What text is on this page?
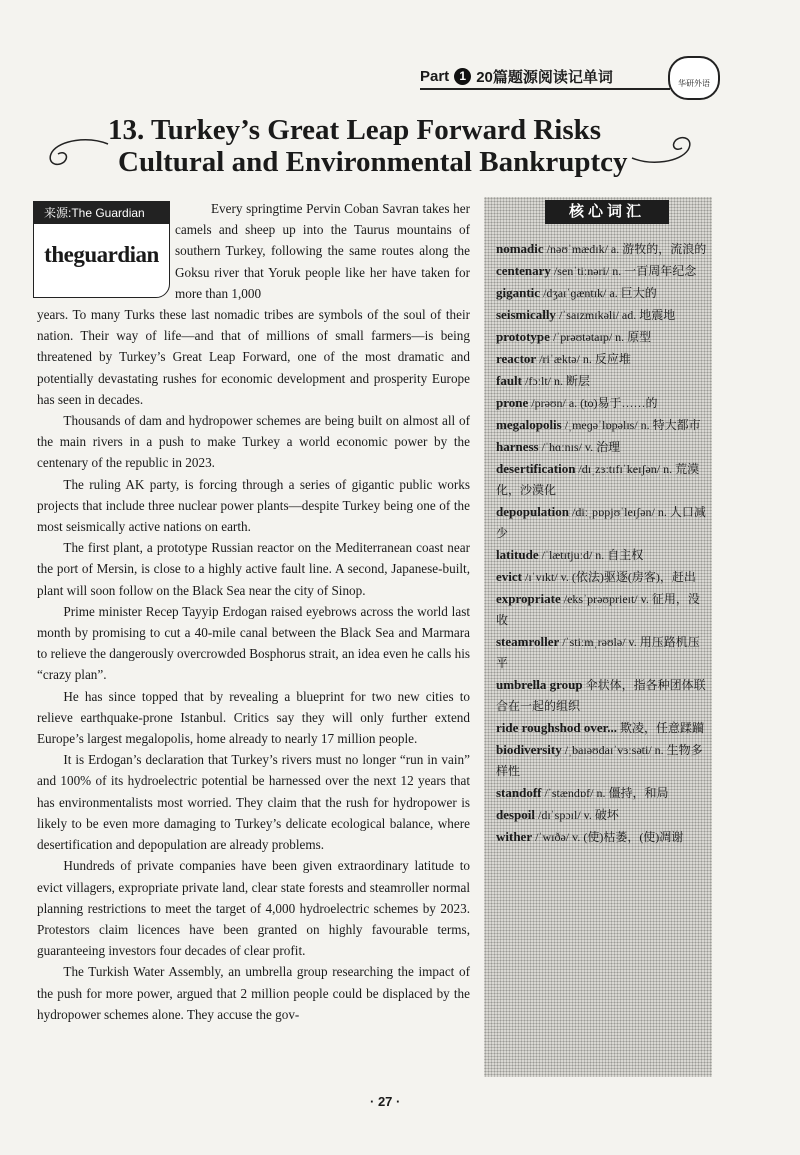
Part 1 20篇题源阅读记单词	华研外语
13. Turkey’s Great Leap Forward Risks
Cultural and Environmental Bankruptcy
来源:The Guardian
theguardian

Every springtime Pervin Coban Savran takes her camels and sheep up into the Taurus mountains of southern Turkey, following the same routes along the Goksu river that Yoruk people like her have taken for more than 1,000

years. To many Turks these last nomadic tribes are symbols of the soul of their nation. Their way of life—and that of millions of small farmers—is being threatened by Turkey’s Great Leap Forward, one of the most dramatic and potentially devastating rushes for economic development and prosperity Europe has seen in decades.

Thousands of dam and hydropower schemes are being built on almost all of the main rivers in a push to make Turkey a world economic power by the centenary of the republic in 2023.

The ruling AK party, is forcing through a series of gigantic public works projects that include three nuclear power plants—despite Turkey being one of the most seismically active nations on earth.

The first plant, a prototype Russian reactor on the Mediterranean coast near the port of Mersin, is close to a highly active fault line. A second, Japanese-built, plant will soon follow on the Black Sea near the city of Sinop.

Prime minister Recep Tayyip Erdogan raised eyebrows across the world last month by promising to cut a 40-mile canal between the Black Sea and Marmara to relieve the dangerously overcrowded Bosphorus strait, an idea even he calls his “crazy plan”.

He has since topped that by revealing a blueprint for two new cities to relieve earthquake-prone Istanbul. Critics say they will only further extend Europe’s largest megalopolis, home already to nearly 17 million people.

It is Erdogan’s declaration that Turkey’s rivers must no longer “run in vain” and 100% of its hydroelectric potential be harnessed over the next 12 years that has environmentalists most worried. They claim that the rush for hydropower is likely to be even more damaging to Turkey’s delicate ecological balance, where desertification and depopulation are already problems.

Hundreds of private companies have been given extraordinary latitude to evict villagers, expropriate private land, clear state forests and steamroller normal planning restrictions to meet the target of 4,000 hydroelectric schemes by 2023. Protestors claim licences have been granted on highly favourable terms, guaranteeing investors four decades of clear profit.

The Turkish Water Assembly, an umbrella group researching the impact of the push for more power, argued that 2 million people could be displaced by the hydropower schemes alone. They accuse the gov-

核心词汇
nomadic /nəʊˈmædɪk/ a. 游牧的，流浪的
centenary /senˈtiːnəri/ n. 一百周年纪念
gigantic /dʒaɪˈɡæntɪk/ a. 巨大的
seismically /ˈsaɪzmɪkəli/ ad. 地震地
prototype /ˈprəʊtətaɪp/ n. 原型
reactor /riˈæktə/ n. 反应堆
fault /fɔːlt/ n. 断层
prone /prəʊn/ a. (to)易于……的
megalopolis /ˌmeɡəˈlɒpəlɪs/ n. 特大都市
harness /ˈhɑːnɪs/ v. 治理
desertification /dɪˌzɜːtɪfɪˈkeɪʃən/ n. 荒漠化，沙漠化
depopulation /diːˌpɒpjʊˈleɪʃən/ n. 人口减少
latitude /ˈlætɪtjuːd/ n. 自主权
evict /ɪˈvɪkt/ v. (依法)驱逐(房客)，赶出
expropriate /eksˈprəʊprieɪt/ v. 征用，没收
steamroller /ˈstiːmˌrəʊlə/ v. 用压路机压平
umbrella group 伞状体，指各种团体联合在一起的组织
ride roughshod over... 欺凌，任意蹂躏
biodiversity /ˌbaɪəʊdaɪˈvɜːsəti/ n. 生物多样性
standoff /ˈstændɒf/ n. 僵持，和局
despoil /dɪˈspɔɪl/ v. 破坏
wither /ˈwɪðə/ v. (使)枯萎，(使)凋谢
· 27 ·
